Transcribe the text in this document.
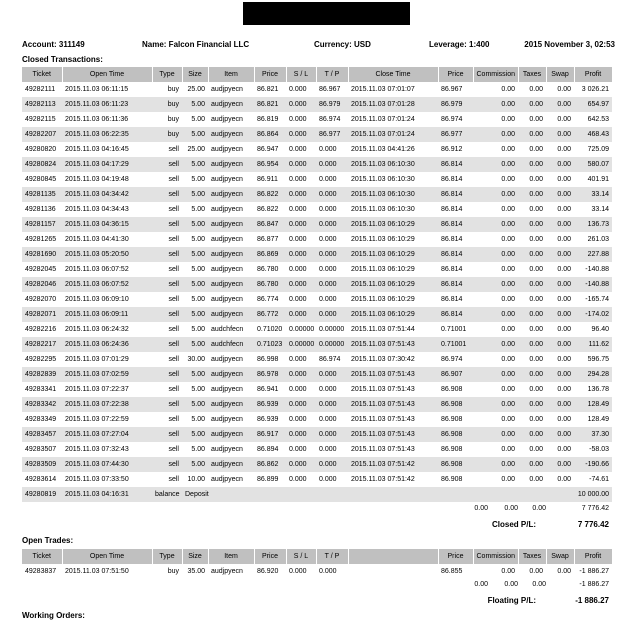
Account: 311149	Name: Falcon Financial LLC	Currency: USD	Leverage: 1:400	2015 November 3, 02:53
Closed Transactions:
Ticket	Open Time	Type	Size	Item	Price	S / L	T / P	Close Time	Price	Commission	Taxes	Swap	Profit
49282111	2015.11.03 06:11:15	buy	25.00	audjpyecn	86.821	0.000	86.967	2015.11.03 07:01:07	86.967	0.00	0.00	0.00	3 026.21
49282113	2015.11.03 06:11:23	buy	5.00	audjpyecn	86.821	0.000	86.979	2015.11.03 07:01:28	86.979	0.00	0.00	0.00	654.97
49282115	2015.11.03 06:11:36	buy	5.00	audjpyecn	86.819	0.000	86.974	2015.11.03 07:01:24	86.974	0.00	0.00	0.00	642.53
49282207	2015.11.03 06:22:35	buy	5.00	audjpyecn	86.864	0.000	86.977	2015.11.03 07:01:24	86.977	0.00	0.00	0.00	468.43
49280820	2015.11.03 04:16:45	sell	25.00	audjpyecn	86.947	0.000	0.000	2015.11.03 04:41:26	86.912	0.00	0.00	0.00	725.09
49280824	2015.11.03 04:17:29	sell	5.00	audjpyecn	86.954	0.000	0.000	2015.11.03 06:10:30	86.814	0.00	0.00	0.00	580.07
49280845	2015.11.03 04:19:48	sell	5.00	audjpyecn	86.911	0.000	0.000	2015.11.03 06:10:30	86.814	0.00	0.00	0.00	401.91
49281135	2015.11.03 04:34:42	sell	5.00	audjpyecn	86.822	0.000	0.000	2015.11.03 06:10:30	86.814	0.00	0.00	0.00	33.14
49281136	2015.11.03 04:34:43	sell	5.00	audjpyecn	86.822	0.000	0.000	2015.11.03 06:10:30	86.814	0.00	0.00	0.00	33.14
49281157	2015.11.03 04:36:15	sell	5.00	audjpyecn	86.847	0.000	0.000	2015.11.03 06:10:29	86.814	0.00	0.00	0.00	136.73
49281265	2015.11.03 04:41:30	sell	5.00	audjpyecn	86.877	0.000	0.000	2015.11.03 06:10:29	86.814	0.00	0.00	0.00	261.03
49281690	2015.11.03 05:20:50	sell	5.00	audjpyecn	86.869	0.000	0.000	2015.11.03 06:10:29	86.814	0.00	0.00	0.00	227.88
49282045	2015.11.03 06:07:52	sell	5.00	audjpyecn	86.780	0.000	0.000	2015.11.03 06:10:29	86.814	0.00	0.00	0.00	-140.88
49282046	2015.11.03 06:07:52	sell	5.00	audjpyecn	86.780	0.000	0.000	2015.11.03 06:10:29	86.814	0.00	0.00	0.00	-140.88
49282070	2015.11.03 06:09:10	sell	5.00	audjpyecn	86.774	0.000	0.000	2015.11.03 06:10:29	86.814	0.00	0.00	0.00	-165.74
49282071	2015.11.03 06:09:11	sell	5.00	audjpyecn	86.772	0.000	0.000	2015.11.03 06:10:29	86.814	0.00	0.00	0.00	-174.02
49282216	2015.11.03 06:24:32	sell	5.00	audchfecn	0.71020	0.00000	0.00000	2015.11.03 07:51:44	0.71001	0.00	0.00	0.00	96.40
49282217	2015.11.03 06:24:36	sell	5.00	audchfecn	0.71023	0.00000	0.00000	2015.11.03 07:51:43	0.71001	0.00	0.00	0.00	111.62
49282295	2015.11.03 07:01:29	sell	30.00	audjpyecn	86.998	0.000	86.974	2015.11.03 07:30:42	86.974	0.00	0.00	0.00	596.75
49282839	2015.11.03 07:02:59	sell	5.00	audjpyecn	86.978	0.000	0.000	2015.11.03 07:51:43	86.907	0.00	0.00	0.00	294.28
49283341	2015.11.03 07:22:37	sell	5.00	audjpyecn	86.941	0.000	0.000	2015.11.03 07:51:43	86.908	0.00	0.00	0.00	136.78
49283342	2015.11.03 07:22:38	sell	5.00	audjpyecn	86.939	0.000	0.000	2015.11.03 07:51:43	86.908	0.00	0.00	0.00	128.49
49283349	2015.11.03 07:22:59	sell	5.00	audjpyecn	86.939	0.000	0.000	2015.11.03 07:51:43	86.908	0.00	0.00	0.00	128.49
49283457	2015.11.03 07:27:04	sell	5.00	audjpyecn	86.917	0.000	0.000	2015.11.03 07:51:43	86.908	0.00	0.00	0.00	37.30
49283507	2015.11.03 07:32:43	sell	5.00	audjpyecn	86.894	0.000	0.000	2015.11.03 07:51:43	86.908	0.00	0.00	0.00	-58.03
49283509	2015.11.03 07:44:30	sell	5.00	audjpyecn	86.862	0.000	0.000	2015.11.03 07:51:42	86.908	0.00	0.00	0.00	-190.66
49283614	2015.11.03 07:33:50	sell	10.00	audjpyecn	86.899	0.000	0.000	2015.11.03 07:51:42	86.908	0.00	0.00	0.00	-74.61
49280819	2015.11.03 04:16:31	balance	Deposit										10 000.00
0.00 0.00 0.00	7 776.42
Closed P/L:	7 776.42
Open Trades:
Ticket	Open Time	Type	Size	Item	Price	S / L	T / P		Price	Commission	Taxes	Swap	Profit
49283837	2015.11.03 07:51:50	buy	35.00	audjpyecn	86.920	0.000	0.000		86.855	0.00	0.00	0.00	-1 886.27
0.00 0.00 0.00	-1 886.27
Floating P/L:	-1 886.27
Working Orders:
